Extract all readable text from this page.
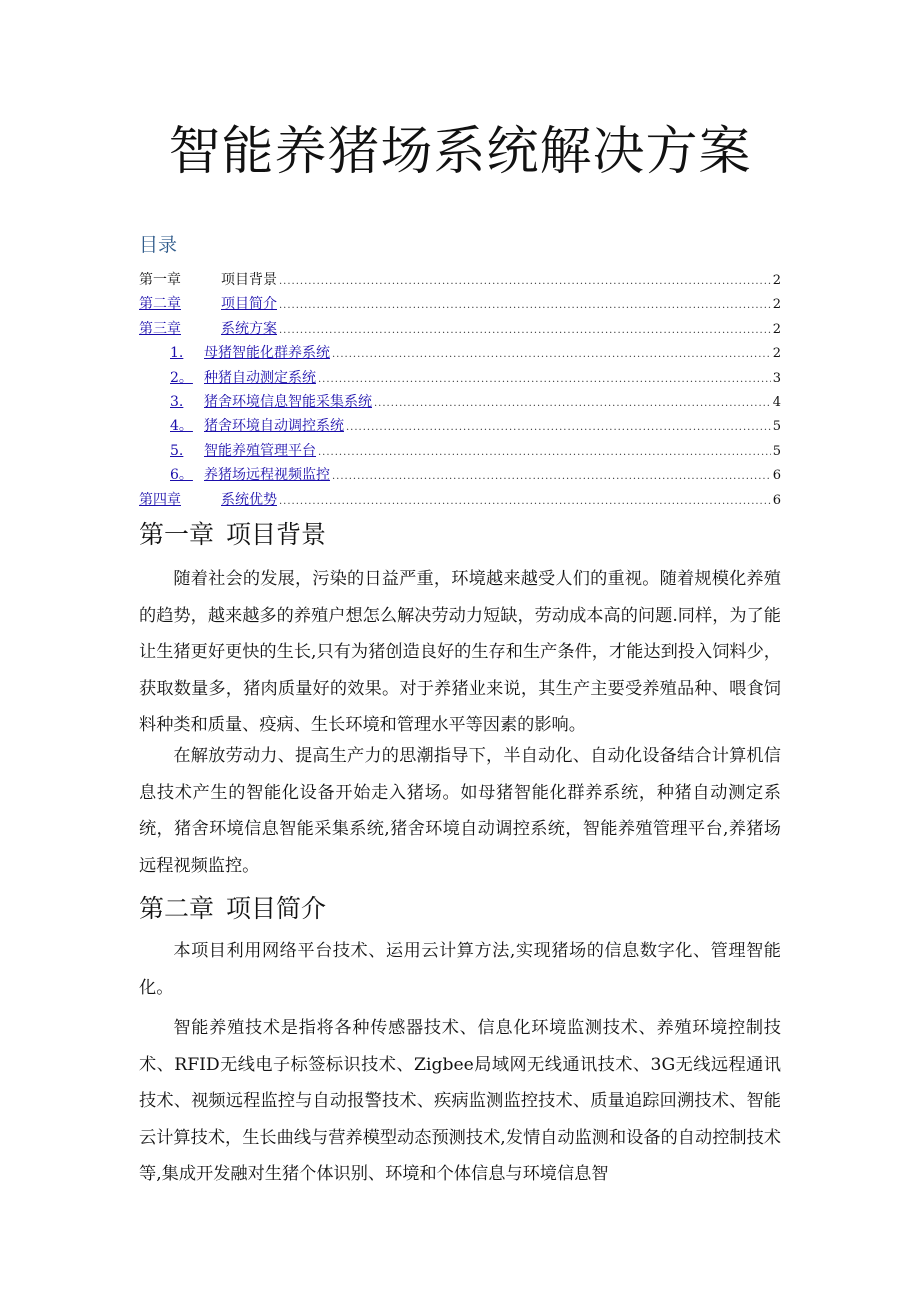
智能养猪场系统解决方案
目录
第一章	项目背景 .....	2
第二章	项目简介 .....	2
第三章	系统方案 .....	2
1.	母猪智能化群养系统 .....	2
2。 种猪自动测定系统 .....	3
3.	猪舍环境信息智能采集系统 .....	4
4。 猪舍环境自动调控系统 .....	5
5.	智能养殖管理平台 .....	5
6。 养猪场远程视频监控 .....	6
第四章	系统优势 .....	6
第一章 项目背景

随着社会的发展，污染的日益严重，环境越来越受人们的重视。随着规模化养殖的趋势，越来越多的养殖户想怎么解决劳动力短缺，劳动成本高的问题.同样，为了能让生猪更好更快的生长,只有为猪创造良好的生存和生产条件，才能达到投入饲料少，获取数量多，猪肉质量好的效果。对于养猪业来说，其生产主要受养殖品种、喂食饲料种类和质量、疫病、生长环境和管理水平等因素的影响。

在解放劳动力、提高生产力的思潮指导下，半自动化、自动化设备结合计算机信息技术产生的智能化设备开始走入猪场。如母猪智能化群养系统，种猪自动测定系统，猪舍环境信息智能采集系统,猪舍环境自动调控系统，智能养殖管理平台,养猪场远程视频监控。

第二章 项目简介

本项目利用网络平台技术、运用云计算方法,实现猪场的信息数字化、管理智能化。

智能养殖技术是指将各种传感器技术、信息化环境监测技术、养殖环境控制技术、RFID无线电子标签标识技术、Zigbee局域网无线通讯技术、3G无线远程通讯技术、视频远程监控与自动报警技术、疾病监测监控技术、质量追踪回溯技术、智能云计算技术，生长曲线与营养模型动态预测技术,发情自动监测和设备的自动控制技术等,集成开发融对生猪个体识别、环境和个体信息与环境信息智
